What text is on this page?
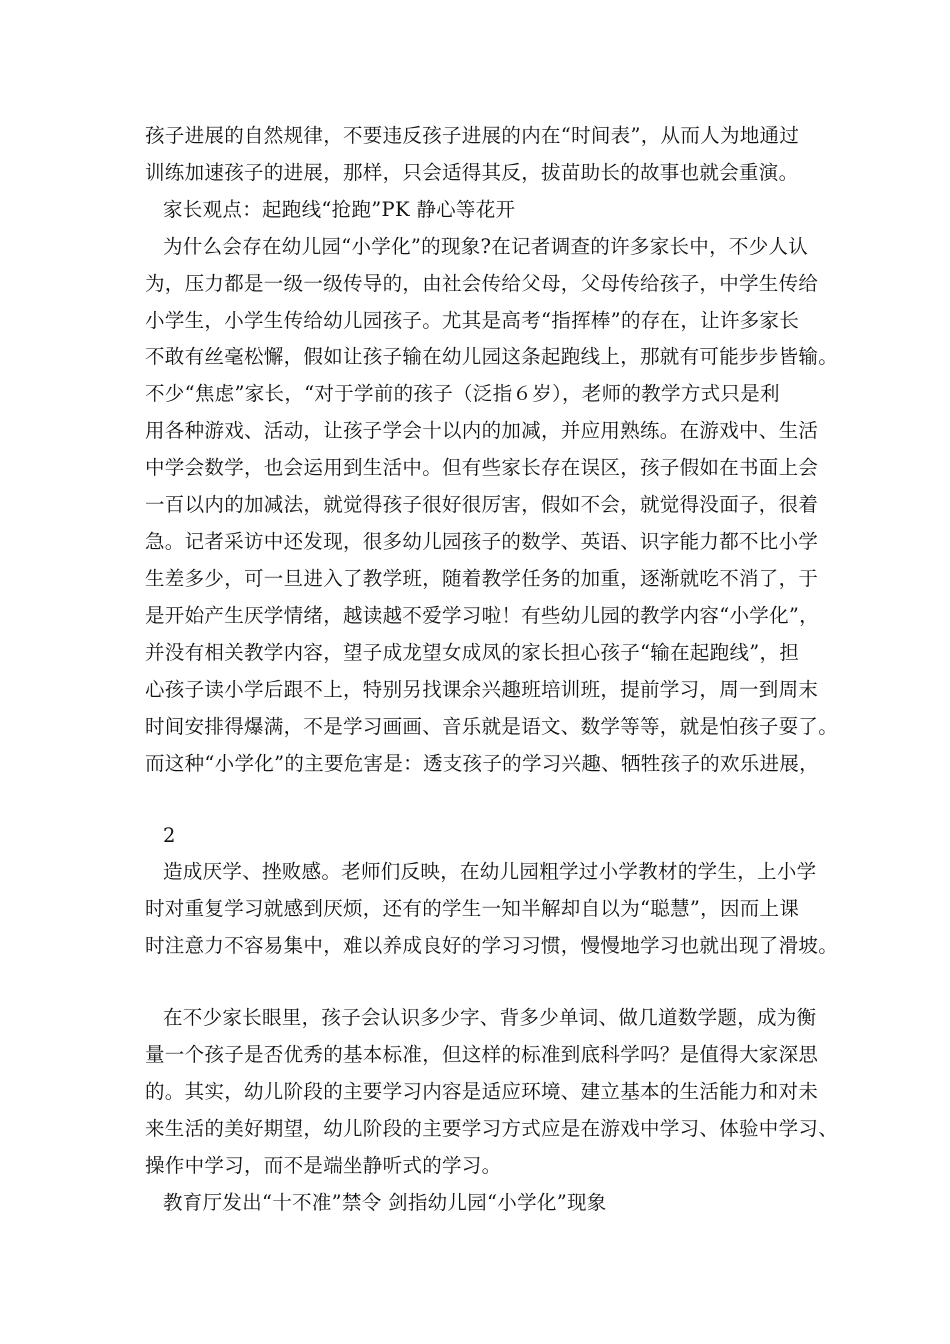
孩子进展的自然规律，不要违反孩子进展的内在“时间表”，从而人为地通过
训练加速孩子的进展，那样，只会适得其反，拔苗助长的故事也就会重演。
家长观点：起跑线“抢跑”PK 静心等花开
为什么会存在幼儿园“小学化”的现象?在记者调查的许多家长中，不少人认
为，压力都是一级一级传导的，由社会传给父母，父母传给孩子，中学生传给
小学生，小学生传给幼儿园孩子。尤其是高考“指挥棒”的存在，让许多家长
不敢有丝毫松懈，假如让孩子输在幼儿园这条起跑线上，那就有可能步步皆输。
不少“焦虑”家长，“对于学前的孩子（泛指６岁），老师的教学方式只是利
用各种游戏、活动，让孩子学会十以内的加减，并应用熟练。在游戏中、生活
中学会数学，也会运用到生活中。但有些家长存在误区，孩子假如在书面上会
一百以内的加减法，就觉得孩子很好很厉害，假如不会，就觉得没面子，很着
急。记者采访中还发现，很多幼儿园孩子的数学、英语、识字能力都不比小学
生差多少，可一旦进入了教学班，随着教学任务的加重，逐渐就吃不消了，于
是开始产生厌学情绪，越读越不爱学习啦！有些幼儿园的教学内容“小学化”，
并没有相关教学内容，望子成龙望女成凤的家长担心孩子“输在起跑线”，担
心孩子读小学后跟不上，特别另找课余兴趣班培训班，提前学习，周一到周末
时间安排得爆满，不是学习画画、音乐就是语文、数学等等，就是怕孩子耍了。
而这种“小学化”的主要危害是：透支孩子的学习兴趣、牺牲孩子的欢乐进展，
2
造成厌学、挫败感。老师们反映，在幼儿园粗学过小学教材的学生，上小学
时对重复学习就感到厌烦，还有的学生一知半解却自以为“聪慧”，因而上课
时注意力不容易集中，难以养成良好的学习习惯，慢慢地学习也就出现了滑坡。
在不少家长眼里，孩子会认识多少字、背多少单词、做几道数学题，成为衡
量一个孩子是否优秀的基本标准，但这样的标准到底科学吗？是值得大家深思
的。其实，幼儿阶段的主要学习内容是适应环境、建立基本的生活能力和对未
来生活的美好期望，幼儿阶段的主要学习方式应是在游戏中学习、体验中学习、
操作中学习，而不是端坐静听式的学习。
教育厅发出“十不准”禁令 剑指幼儿园“小学化”现象
